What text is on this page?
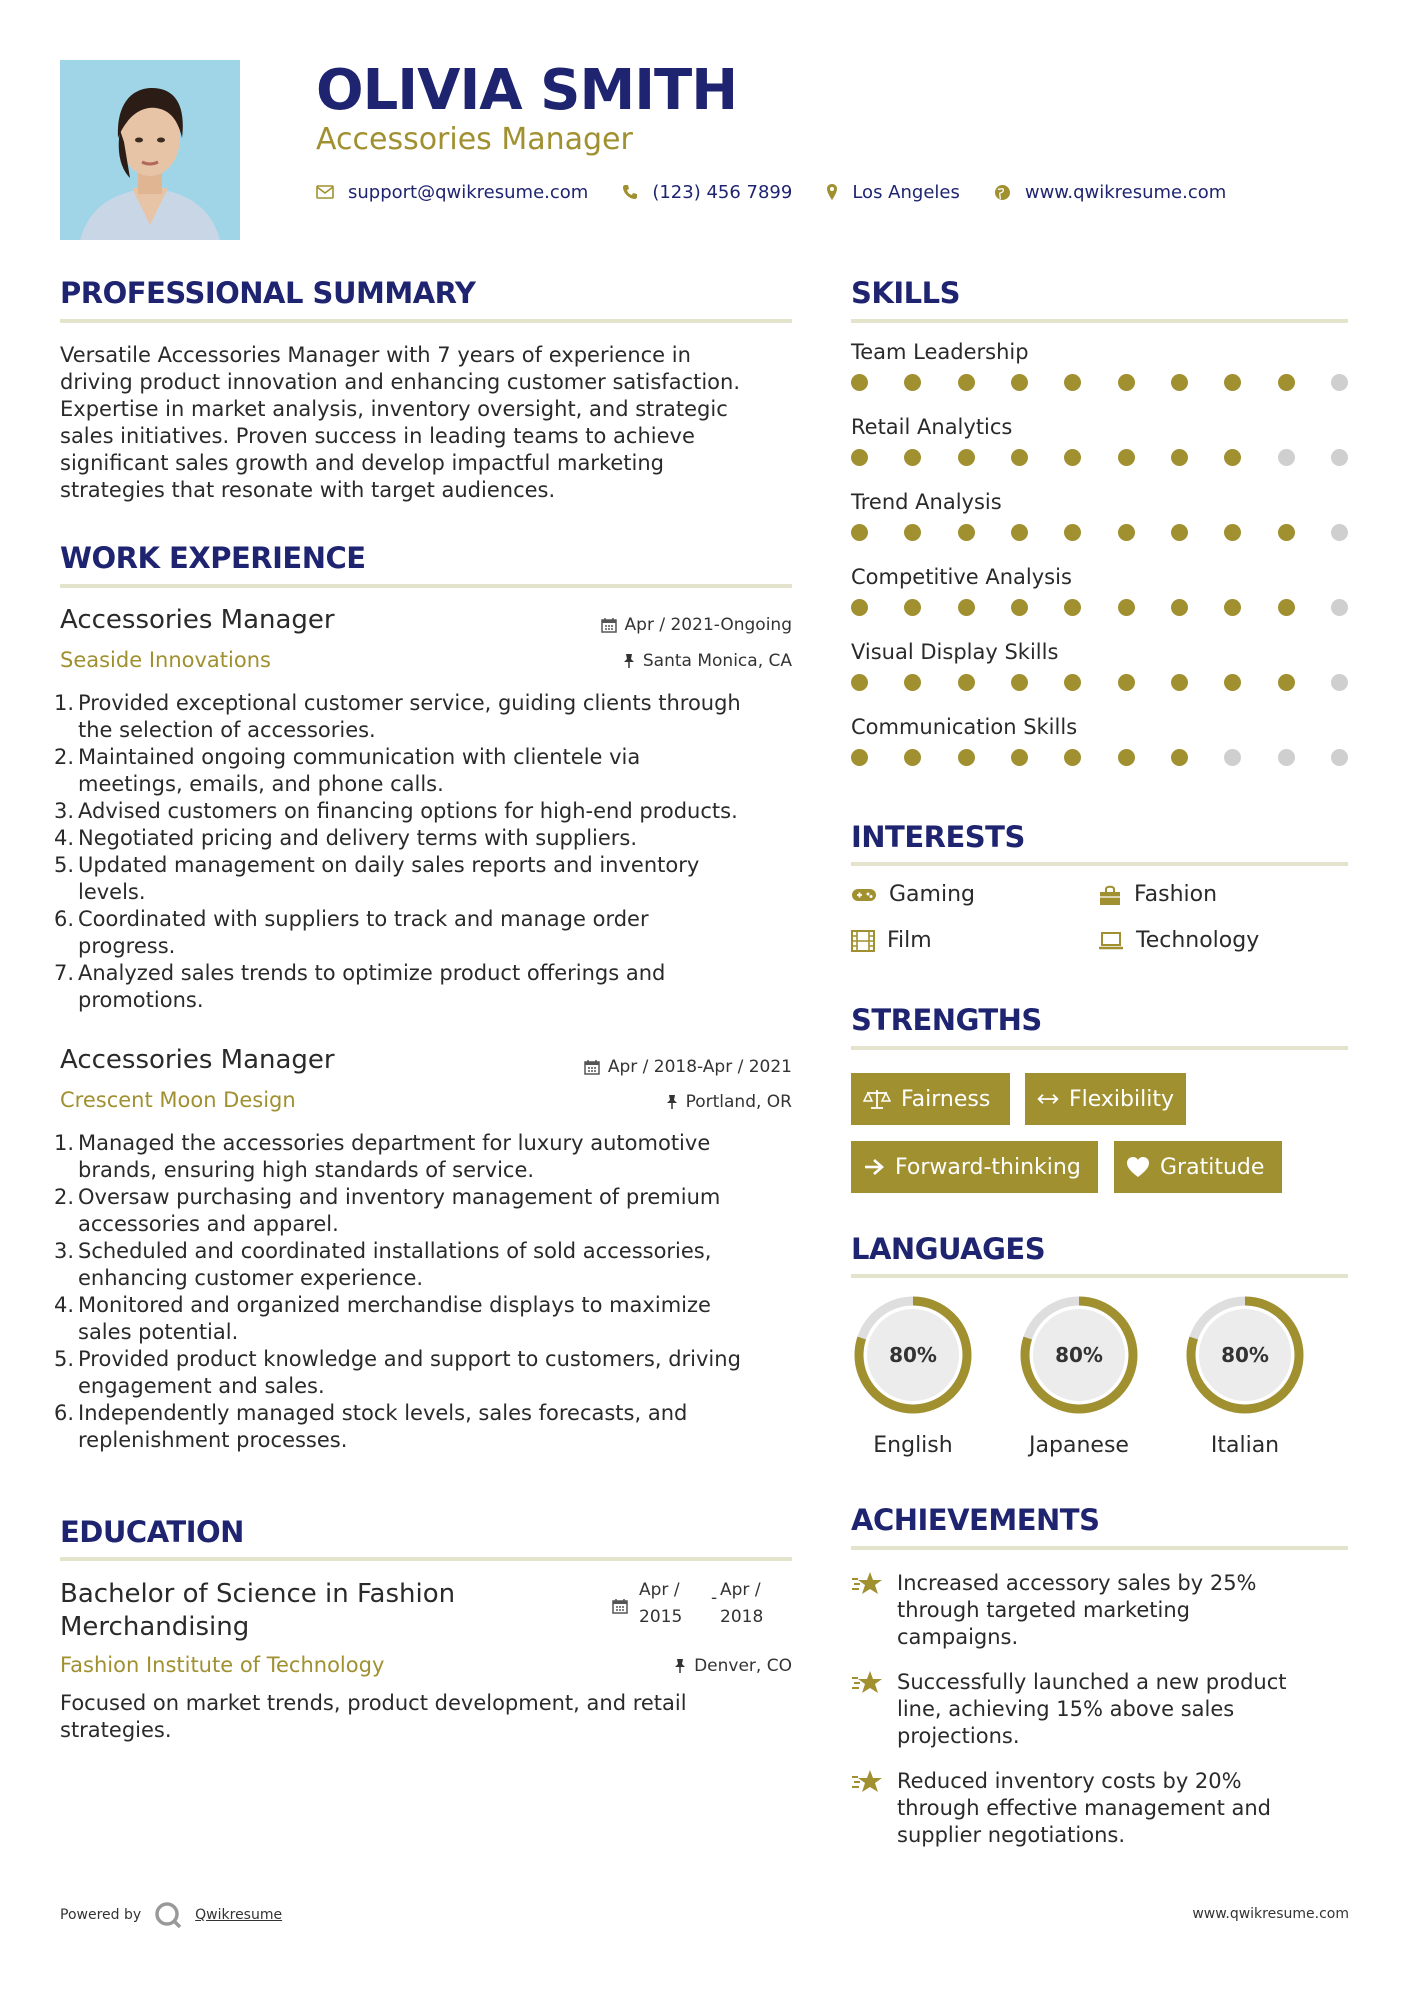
OLIVIA SMITH
Accessories Manager
support@qwikresume.com	(123) 456 7899	Los Angeles	www.qwikresume.com
PROFESSIONAL SUMMARY
Versatile Accessories Manager with 7 years of experience in
driving product innovation and enhancing customer satisfaction.
Expertise in market analysis, inventory oversight, and strategic
sales initiatives. Proven success in leading teams to achieve
significant sales growth and develop impactful marketing
strategies that resonate with target audiences.
WORK EXPERIENCE
Accessories Manager	Apr / 2021-Ongoing
Seaside Innovations	Santa Monica, CA
1. Provided exceptional customer service, guiding clients through
the selection of accessories.
2. Maintained ongoing communication with clientele via
meetings, emails, and phone calls.
3. Advised customers on financing options for high-end products.
4. Negotiated pricing and delivery terms with suppliers.
5. Updated management on daily sales reports and inventory
levels.
6. Coordinated with suppliers to track and manage order
progress.
7. Analyzed sales trends to optimize product offerings and
promotions.
Accessories Manager	Apr / 2018-Apr / 2021
Crescent Moon Design	Portland, OR
1. Managed the accessories department for luxury automotive
brands, ensuring high standards of service.
2. Oversaw purchasing and inventory management of premium
accessories and apparel.
3. Scheduled and coordinated installations of sold accessories,
enhancing customer experience.
4. Monitored and organized merchandise displays to maximize
sales potential.
5. Provided product knowledge and support to customers, driving
engagement and sales.
6. Independently managed stock levels, sales forecasts, and
replenishment processes.
EDUCATION
Bachelor of Science in Fashion
Merchandising
Apr /
2015
- Apr /
2018
Fashion Institute of Technology	Denver, CO
Focused on market trends, product development, and retail
strategies.
SKILLS
Team Leadership
Retail Analytics
Trend Analysis
Competitive Analysis
Visual Display Skills
Communication Skills
INTERESTS
Gaming	Fashion
Film	Technology
STRENGTHS
Fairness	Flexibility
Forward-thinking	Gratitude
LANGUAGES
80%
English
80%
Japanese
80%
Italian
ACHIEVEMENTS
Increased accessory sales by 25%
through targeted marketing
campaigns.
Successfully launched a new product
line, achieving 15% above sales
projections.
Reduced inventory costs by 20%
through effective management and
supplier negotiations.
Powered by	Qwikresume	www.qwikresume.com
